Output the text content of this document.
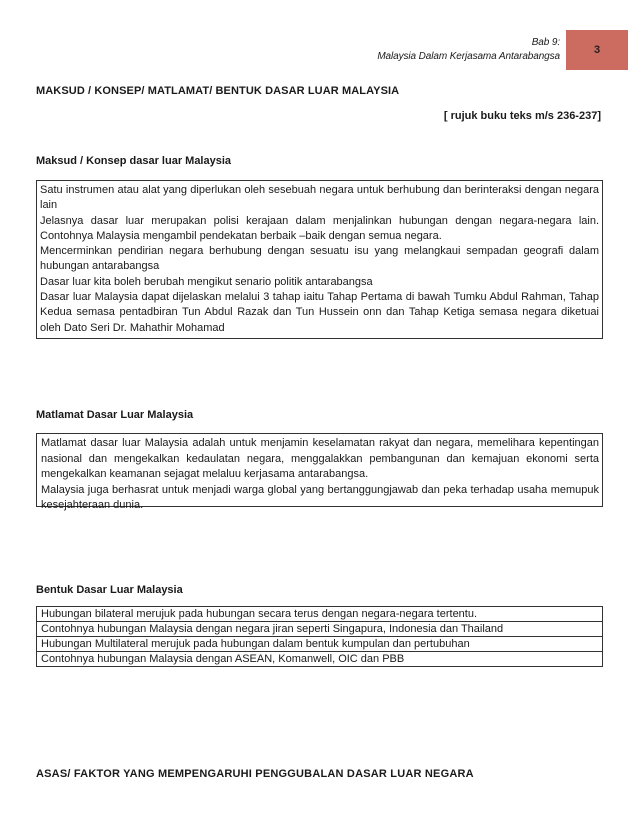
Bab 9:
Malaysia Dalam Kerjasama Antarabangsa
3
MAKSUD / KONSEP/ MATLAMAT/ BENTUK DASAR LUAR MALAYSIA
[ rujuk buku teks m/s 236-237]
Maksud / Konsep dasar luar Malaysia

Satu instrumen atau alat yang diperlukan oleh sesebuah negara untuk berhubung dan berinteraksi dengan negara lain

Jelasnya dasar luar merupakan polisi kerajaan dalam menjalinkan hubungan dengan negara-negara lain. Contohnya Malaysia mengambil pendekatan berbaik –baik dengan semua negara.

Mencerminkan pendirian negara berhubung dengan sesuatu isu yang melangkaui sempadan geografi dalam hubungan antarabangsa

Dasar luar kita boleh berubah mengikut senario politik antarabangsa

Dasar luar Malaysia dapat dijelaskan melalui 3 tahap iaitu Tahap Pertama di bawah Tumku Abdul Rahman, Tahap Kedua semasa pentadbiran Tun Abdul Razak dan Tun Hussein onn dan Tahap Ketiga semasa negara diketuai oleh Dato Seri Dr. Mahathir Mohamad

Matlamat Dasar Luar Malaysia

Matlamat dasar luar Malaysia adalah untuk menjamin keselamatan rakyat dan negara, memelihara kepentingan nasional dan mengekalkan kedaulatan negara, menggalakkan pembangunan dan kemajuan ekonomi serta mengekalkan keamanan sejagat melaluu kerjasama antarabangsa.

Malaysia juga berhasrat untuk menjadi warga global yang bertanggungjawab dan peka terhadap usaha memupuk kesejahteraan dunia.

Bentuk Dasar Luar Malaysia
Hubungan bilateral merujuk pada hubungan secara terus dengan negara-negara tertentu.
Contohnya hubungan Malaysia dengan negara jiran seperti Singapura, Indonesia dan Thailand
Hubungan Multilateral merujuk pada hubungan dalam bentuk kumpulan dan pertubuhan
Contohnya hubungan Malaysia dengan ASEAN, Komanwell, OIC dan PBB
ASAS/ FAKTOR YANG MEMPENGARUHI PENGGUBALAN DASAR LUAR NEGARA
